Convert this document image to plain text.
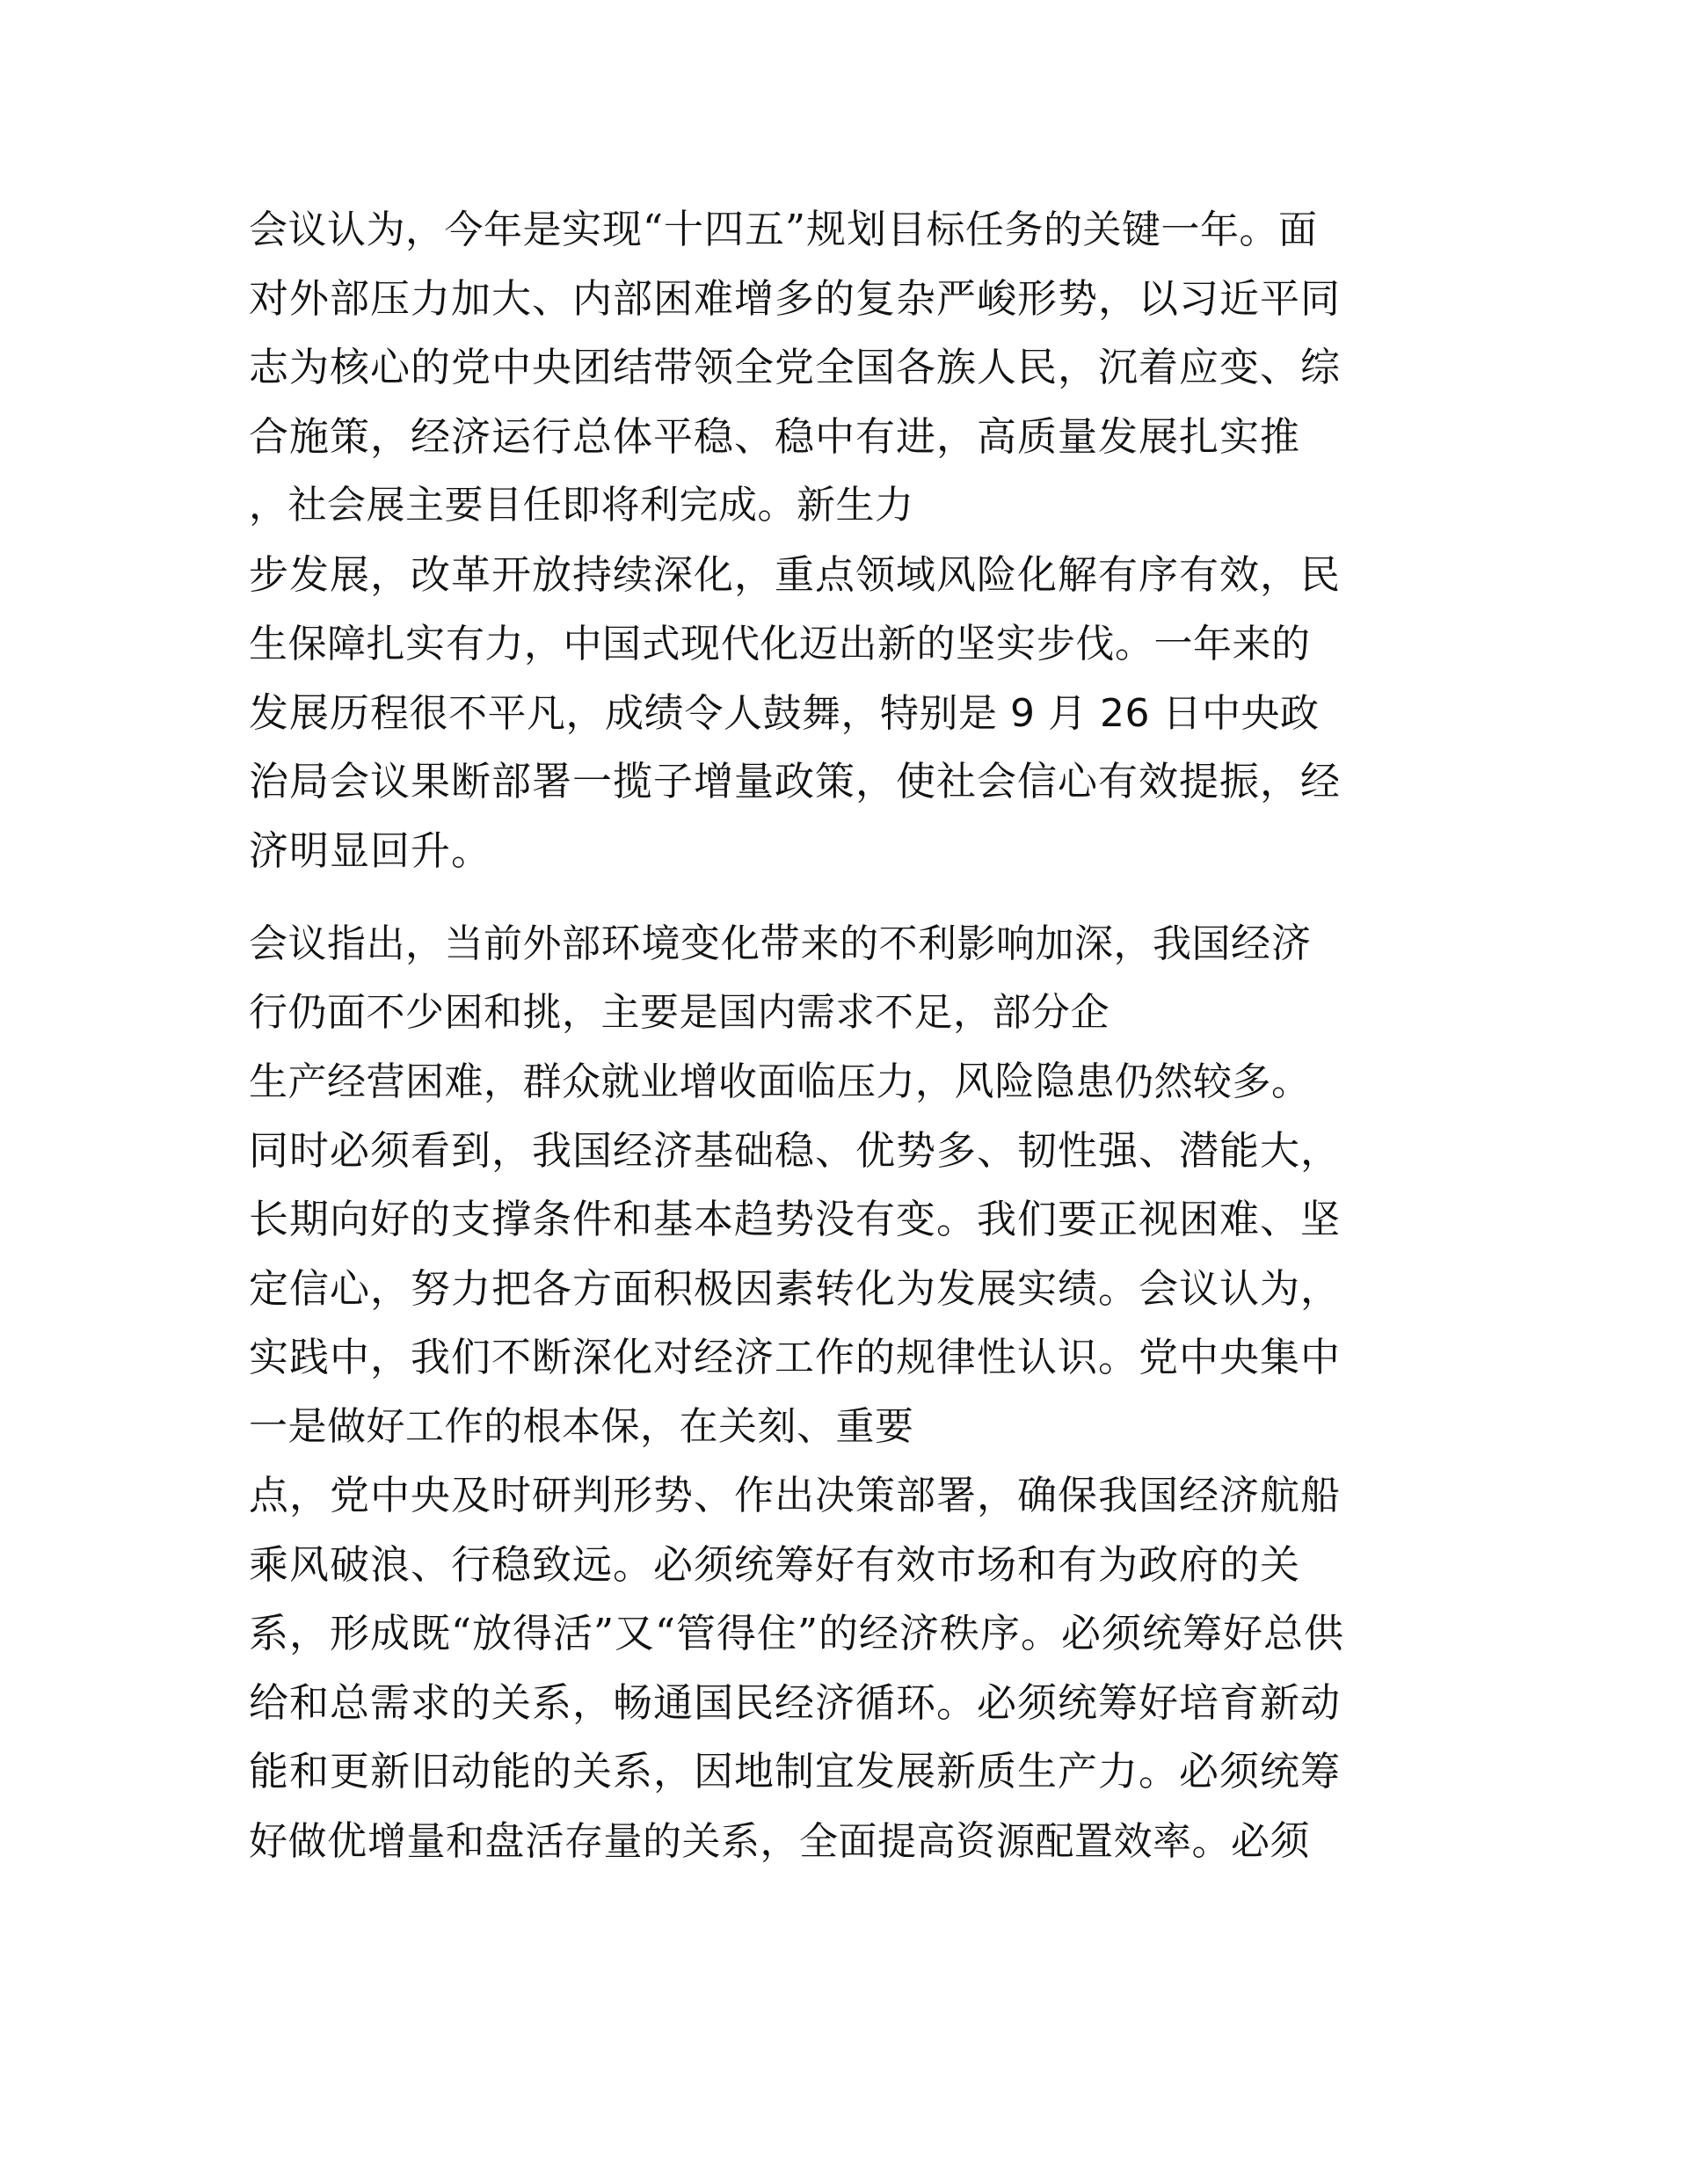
会议认为，今年是实现“十四五”规划目标任务的关键一年。面
对外部压力加大、内部困难增多的复杂严峻形势，以习近平同
志为核心的党中央团结带领全党全国各族人民，沉着应变、综
合施策，经济运行总体平稳、稳中有进，高质量发展扎实推
，社会展主要目任即将利完成。新生力
步发展，改革开放持续深化，重点领域风险化解有序有效，民
生保障扎实有力，中国式现代化迈出新的坚实步伐。一年来的
发展历程很不平凡，成绩令人鼓舞，特别是 9 月 26 日中央政
治局会议果断部署一揽子增量政策，使社会信心有效提振，经
济明显回升。
会议指出，当前外部环境变化带来的不利影响加深，我国经济
行仍面不少困和挑，主要是国内需求不足，部分企
生产经营困难，群众就业增收面临压力，风险隐患仍然较多。
同时必须看到，我国经济基础稳、优势多、韧性强、潜能大，
长期向好的支撑条件和基本趋势没有变。我们要正视困难、坚
定信心，努力把各方面积极因素转化为发展实绩。会议认为，
实践中，我们不断深化对经济工作的规律性认识。党中央集中
一是做好工作的根本保，在关刻、重要
点，党中央及时研判形势、作出决策部署，确保我国经济航船
乘风破浪、行稳致远。必须统筹好有效市场和有为政府的关
系，形成既“放得活”又“管得住”的经济秩序。必须统筹好总供
给和总需求的关系，畅通国民经济循环。必须统筹好培育新动
能和更新旧动能的关系，因地制宜发展新质生产力。必须统筹
好做优增量和盘活存量的关系，全面提高资源配置效率。必须
